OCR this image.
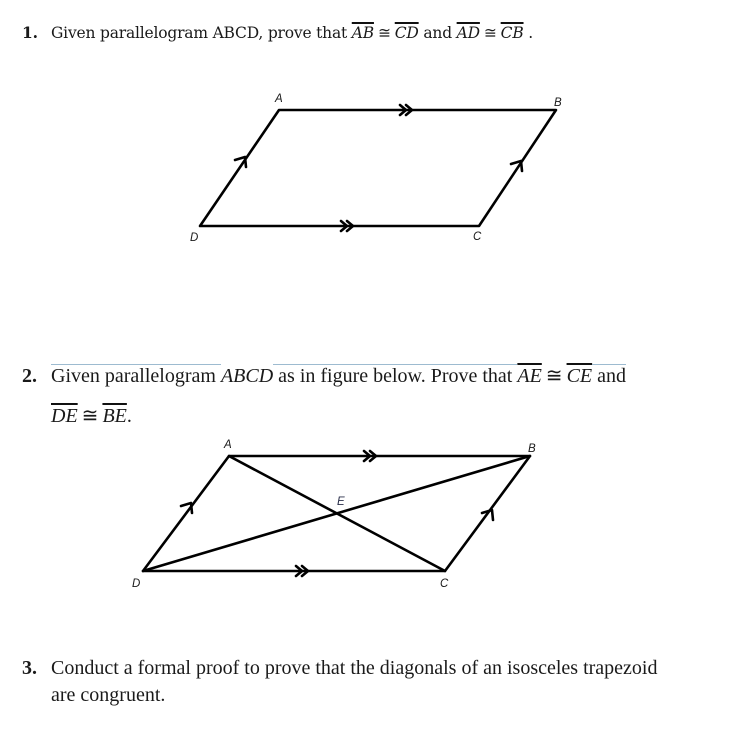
1. Given parallelogram ABCD, prove that $\overline{AB}$ ≅ $\overline{CD}$ and $\overline{AD}$ ≅ $\overline{CB}$ .
A	B
C
D
A	B
C
D
E
2. Given parallelogram ABCD as in figure below. Prove that $\overline{AE}$ ≅ $\overline{CE}$ and
$\overline{DE}$ ≅ $\overline{BE}$.
3. Conduct a formal proof to prove that the diagonals of an isosceles trapezoid
are congruent.
